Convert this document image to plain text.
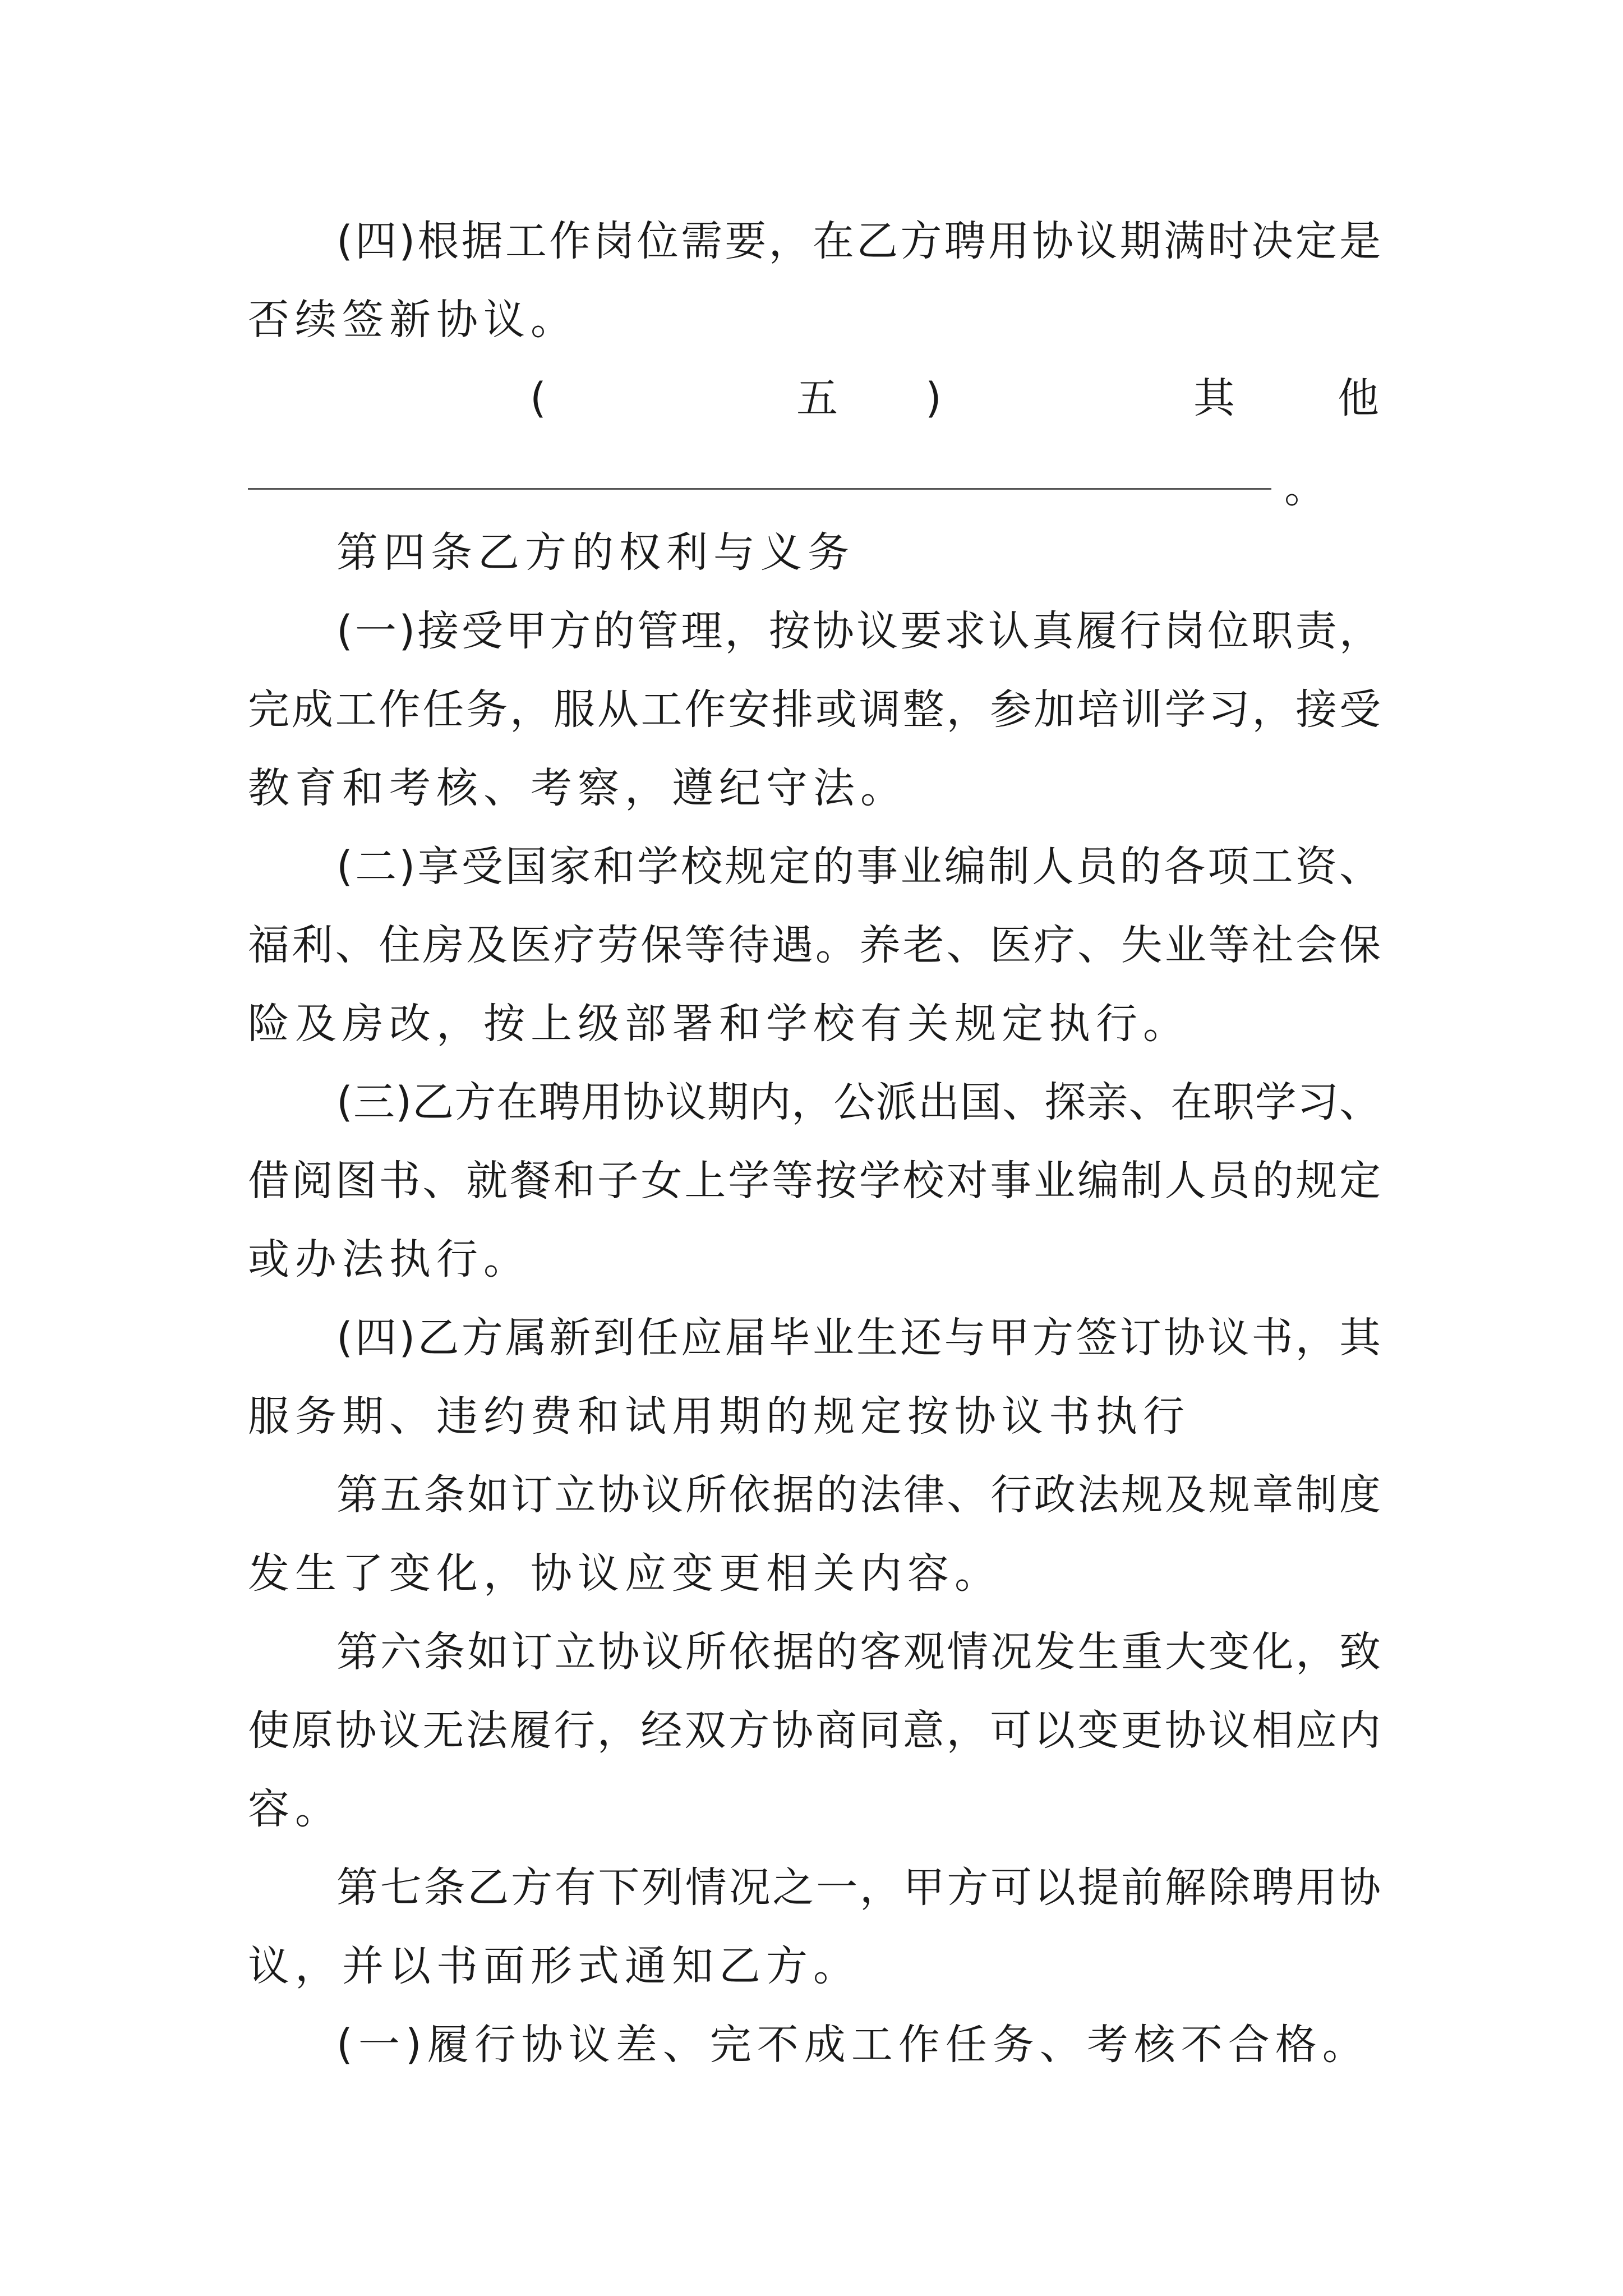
(四)根据工作岗位需要，在乙方聘用协议期满时决定是
否续签新协议。
(	五 )	其 他
。
第四条乙方的权利与义务
(一)接受甲方的管理，按协议要求认真履行岗位职责，
完成工作任务，服从工作安排或调整，参加培训学习，接受
教育和考核、考察，遵纪守法。
(二)享受国家和学校规定的事业编制人员的各项工资、
福利、住房及医疗劳保等待遇。养老、医疗、失业等社会保
险及房改，按上级部署和学校有关规定执行。
(三)乙方在聘用协议期内，公派出国、探亲、在职学习、
借阅图书、就餐和子女上学等按学校对事业编制人员的规定
或办法执行。
(四)乙方属新到任应届毕业生还与甲方签订协议书，其
服务期、违约费和试用期的规定按协议书执行
第五条如订立协议所依据的法律、行政法规及规章制度
发生了变化，协议应变更相关内容。
第六条如订立协议所依据的客观情况发生重大变化，致
使原协议无法履行，经双方协商同意，可以变更协议相应内
容。
第七条乙方有下列情况之一，甲方可以提前解除聘用协
议，并以书面形式通知乙方。
(一)履行协议差、完不成工作任务、考核不合格。
